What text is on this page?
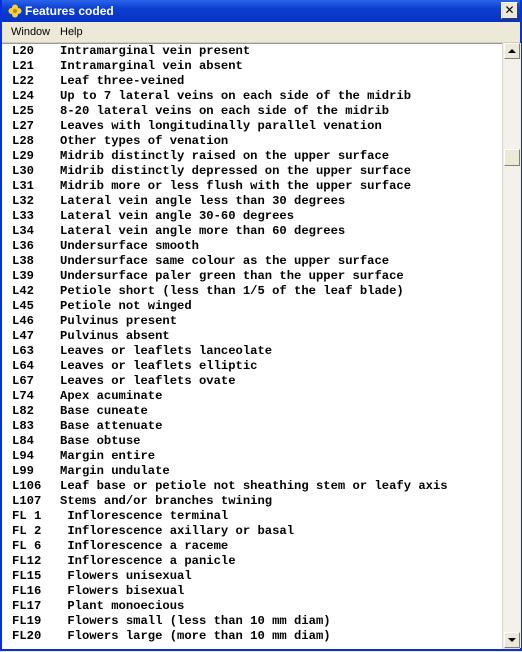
Features coded	✕
Window Help
L20 Intramarginal vein present
L21 Intramarginal vein absent
L22 Leaf three-veined
L24 Up to 7 lateral veins on each side of the midrib
L25 8-20 lateral veins on each side of the midrib
L27 Leaves with longitudinally parallel venation
L28 Other types of venation
L29 Midrib distinctly raised on the upper surface
L30 Midrib distinctly depressed on the upper surface
L31 Midrib more or less flush with the upper surface
L32 Lateral vein angle less than 30 degrees
L33 Lateral vein angle 30-60 degrees
L34 Lateral vein angle more than 60 degrees
L36 Undersurface smooth
L38 Undersurface same colour as the upper surface
L39 Undersurface paler green than the upper surface
L42 Petiole short (less than 1/5 of the leaf blade)
L45 Petiole not winged
L46 Pulvinus present
L47 Pulvinus absent
L63 Leaves or leaflets lanceolate
L64 Leaves or leaflets elliptic
L67 Leaves or leaflets ovate
L74 Apex acuminate
L82 Base cuneate
L83 Base attenuate
L84 Base obtuse
L94 Margin entire
L99 Margin undulate
L106 Leaf base or petiole not sheathing stem or leafy axis
L107 Stems and/or branches twining
FL 1 Inflorescence terminal
FL 2 Inflorescence axillary or basal
FL 6 Inflorescence a raceme
FL12 Inflorescence a panicle
FL15 Flowers unisexual
FL16 Flowers bisexual
FL17 Plant monoecious
FL19 Flowers small (less than 10 mm diam)
FL20 Flowers large (more than 10 mm diam)
